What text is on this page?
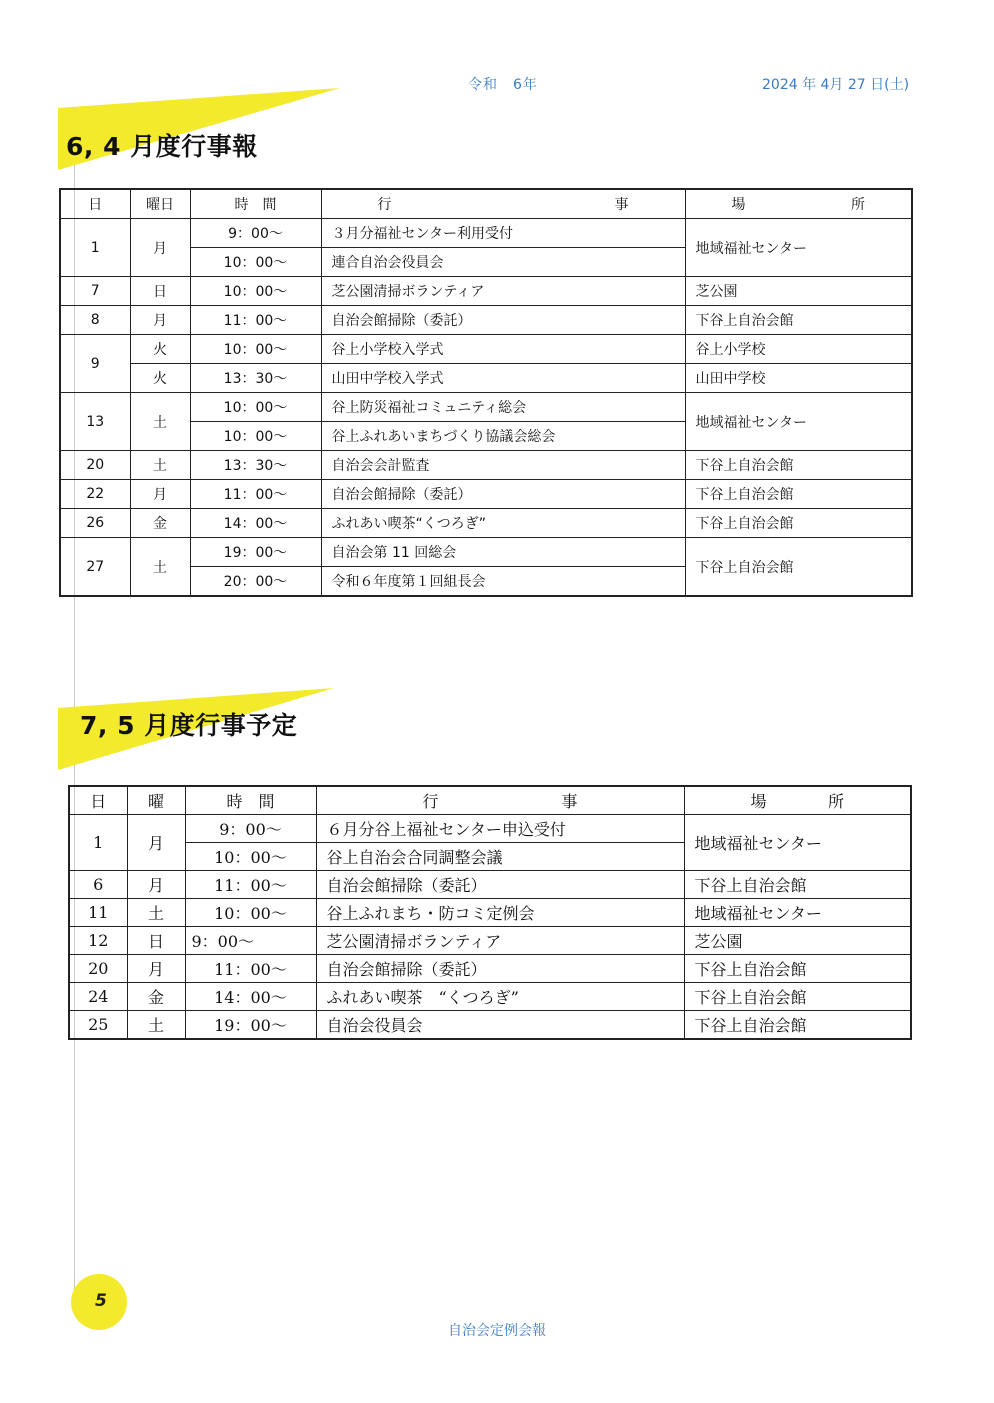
令和　6年	2024 年 4月 27 日(土)
6, 4 月度行事報
日	曜日	時　間	行 事	場 所

1	月	9：00～	３月分福祉センター利用受付	地域福祉センター
		10：00～	連合自治会役員会	
7	日	10：00～	芝公園清掃ボランティア	芝公園
8	月	11：00～	自治会館掃除（委託）	下谷上自治会館
9	火	10：00～	谷上小学校入学式	谷上小学校
	火	13：30～	山田中学校入学式	山田中学校
13	土	10：00～	谷上防災福祉コミュニティ総会	地域福祉センター
		10：00～	谷上ふれあいまちづくり協議会総会	
20	土	13：30～	自治会会計監査	下谷上自治会館
22	月	11：00～	自治会館掃除（委託）	下谷上自治会館
26	金	14：00～	ふれあい喫茶“くつろぎ”	下谷上自治会館
27	土	19：00～	自治会第 11 回総会	下谷上自治会館
		20：00～	令和６年度第１回組長会	
7, 5 月度行事予定
日	曜	時　間	行 事	場 所

1	月	9：00～	６月分谷上福祉センター申込受付	地域福祉センター
		10：00～	谷上自治会合同調整会議	
6	月	11：00～	自治会館掃除（委託）	下谷上自治会館
11	土	10：00～	谷上ふれまち・防コミ定例会	地域福祉センター
12	日	9：00～	芝公園清掃ボランティア	芝公園
20	月	11：00～	自治会館掃除（委託）	下谷上自治会館
24	金	14：00～	ふれあい喫茶　“くつろぎ”	下谷上自治会館
25	土	19：00～	自治会役員会	下谷上自治会館
5
自治会定例会報
